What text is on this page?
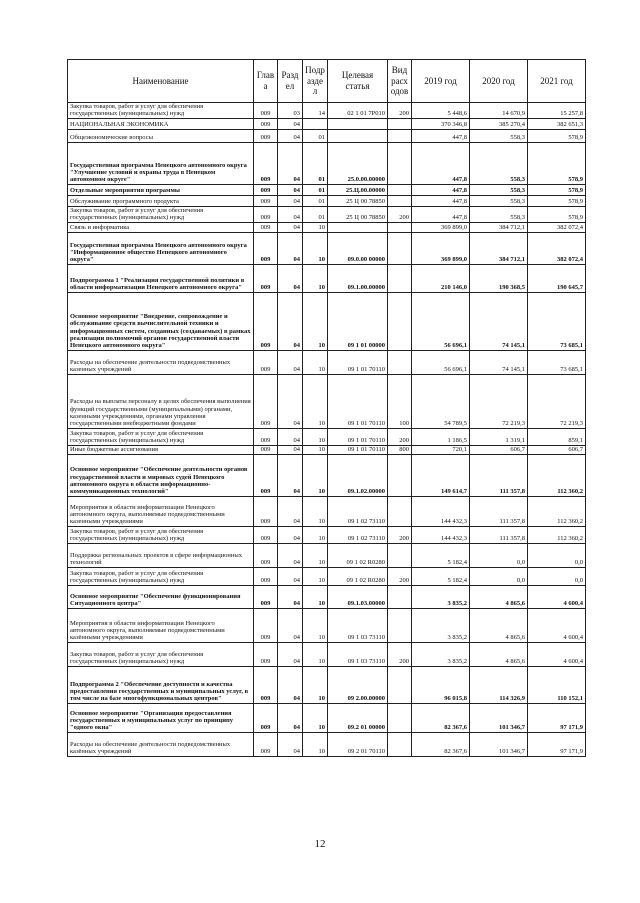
Наименование	Глава	Раздел	Подраздел	Целевая статья	Вид расходов	2019 год	2020 год	2021 год
Закупка товаров, работ и услуг для обеспечения государственных (муниципальных) нужд	009	03	14	02 1 01 7Р010	200	5 448,6	14 670,9	15 257,8
НАЦИОНАЛЬНАЯ ЭКОНОМИКА	009	04				370 346,8	385 270,4	382 651,3
Общеэкономические вопросы	009	04	01			447,8	558,3	578,9
Государственная программа Ненецкого автономного округа "Улучшение условий и охраны труда в Ненецком автономном округе"	009	04	01	25.0.00.00000		447,8	558,3	578,9
Отдельные мероприятия программы	009	04	01	25.Ц.00.00000		447,8	558,3	578,9
Обслуживание программного продукта	009	04	01	25 Ц 00 78850		447,8	558,3	578,9
Закупка товаров, работ и услуг для обеспечения государственных (муниципальных) нужд	009	04	01	25 Ц 00 78850	200	447,8	558,3	578,9
Связь и информатика	009	04	10			369 899,0	384 712,1	382 072,4
Государственная программа Ненецкого автономного округа "Информационное общество Ненецкого автономного округа"	009	04	10	09.0.00 00000		369 899,0	384 712,1	382 072,4
Подпрограмма 1 "Реализация государственной политики в области информатизации Ненецкого автономного округа"	009	04	10	09.1.00.00000		210 146,0	190 368,5	190 645,7
Основное мероприятие "Внедрение, сопровождение и обслуживание средств вычислительной техники и информационных систем, созданных (создаваемых) в рамках реализации полномочий органов государственной власти Ненецкого автономного округа"	009	04	10	09 1 01 00000		56 696,1	74 145,1	73 685,1
Расходы на обеспечение деятельности подведомственных казенных учреждений	009	04	10	09 1 01 70110		56 696,1	74 145,1	73 685,1
Расходы на выплаты персоналу в целях обеспечения выполнения функций государственными (муниципальными) органами, казенными учреждениями, органами управления государственными внебюджетными фондами	009	04	10	09 1 01 70110	100	54 789,5	72 219,3	72 219,3
Закупка товаров, работ и услуг для обеспечения государственных (муниципальных) нужд	009	04	10	09 1 01 70110	200	1 186,5	1 319,1	859,1
Иные бюджетные ассигнования	009	04	10	09 1 01 70110	800	720,1	606,7	606,7
Основное мероприятие "Обеспечение деятельности органов государственной власти и мировых судей Ненецкого автономного округа в области информационно-коммуникационных технологий"	009	04	10	09.1.02.00000		149 614,7	111 357,8	112 360,2
Мероприятия в области информатизации Ненецкого автономного округа, выполняемые подведомственными казенными учреждениями	009	04	10	09 1 02 73110		144 432,3	111 357,8	112 360,2
Закупка товаров, работ и услуг для обеспечения государственных (муниципальных) нужд	009	04	10	09 1 02 73110	200	144 432,3	111 357,8	112 360,2
Поддержка региональных проектов в сфере информационных технологий	009	04	10	09 1 02 R0280		5 182,4	0,0	0,0
Закупка товаров, работ и услуг для обеспечения государственных (муниципальных) нужд	009	04	10	09 1 02 R0280	200	5 182,4	0,0	0,0
Основное мероприятие "Обеспечение функционирования Ситуационного центра"	009	04	10	09.1.03.00000		3 835,2	4 865,6	4 600,4
Мероприятия в области информатизации Ненецкого автономного округа, выполняемые подведомственными казёнными учреждениями	009	04	10	09 1 03 73110		3 835,2	4 865,6	4 600,4
Закупка товаров, работ и услуг для обеспечения государственных (муниципальных) нужд	009	04	10	09 1 03 73110	200	3 835,2	4 865,6	4 600,4
Подпрограмма 2 "Обеспечение доступности и качества предоставления государственных и муниципальных услуг, в том числе на базе многофункциональных центров"	009	04	10	09 2.00.00000		96 015,8	114 326,9	110 152,1
Основное мероприятие "Организация предоставления государственных и муниципальных услуг по принципу "одного окна"	009	04	10	09.2 01 00000		82 367,6	101 346,7	97 171,9
Расходы на обеспечение деятельности подведомственных казённых учреждений	009	04	10	09 2 01 70110		82 367,6	101 346,7	97 171,9
12
